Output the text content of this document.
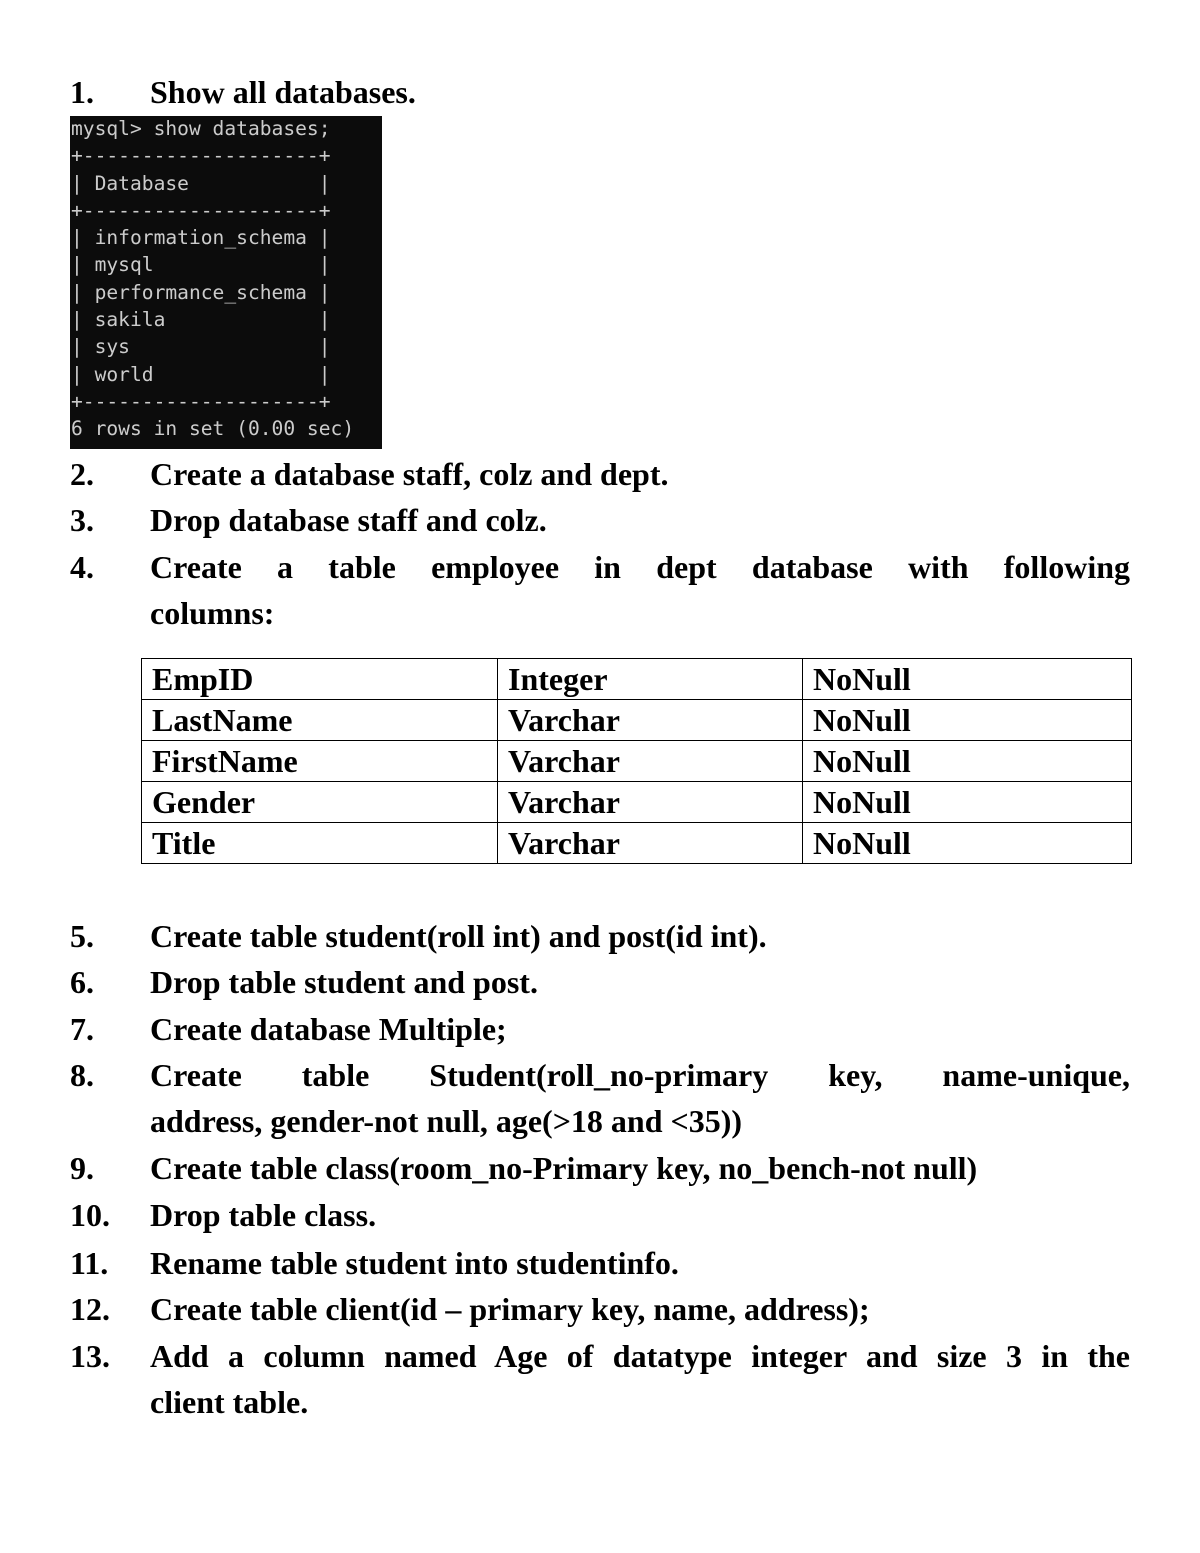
1. Show all databases.
mysql> show databases;
+--------------------+
| Database           |
+--------------------+
| information_schema |
| mysql              |
| performance_schema |
| sakila             |
| sys                |
| world              |
+--------------------+
6 rows in set (0.00 sec)
2. Create a database staff, colz and dept.
3. Drop database staff and colz.
4. Create a table employee in dept database with following
columns:
EmpID	Integer	NoNull
LastName	Varchar	NoNull
FirstName	Varchar	NoNull
Gender	Varchar	NoNull
Title	Varchar	NoNull
5. Create table student(roll int) and post(id int).
6. Drop table student and post.
7. Create database Multiple;
8. Create table Student(roll_no-primary key, name-unique,
address, gender-not null, age(>18 and <35))
9. Create table class(room_no-Primary key, no_bench-not null)
10. Drop table class.
11. Rename table student into studentinfo.
12. Create table client(id – primary key, name, address);
13. Add a column named Age of datatype integer and size 3 in the
client table.
